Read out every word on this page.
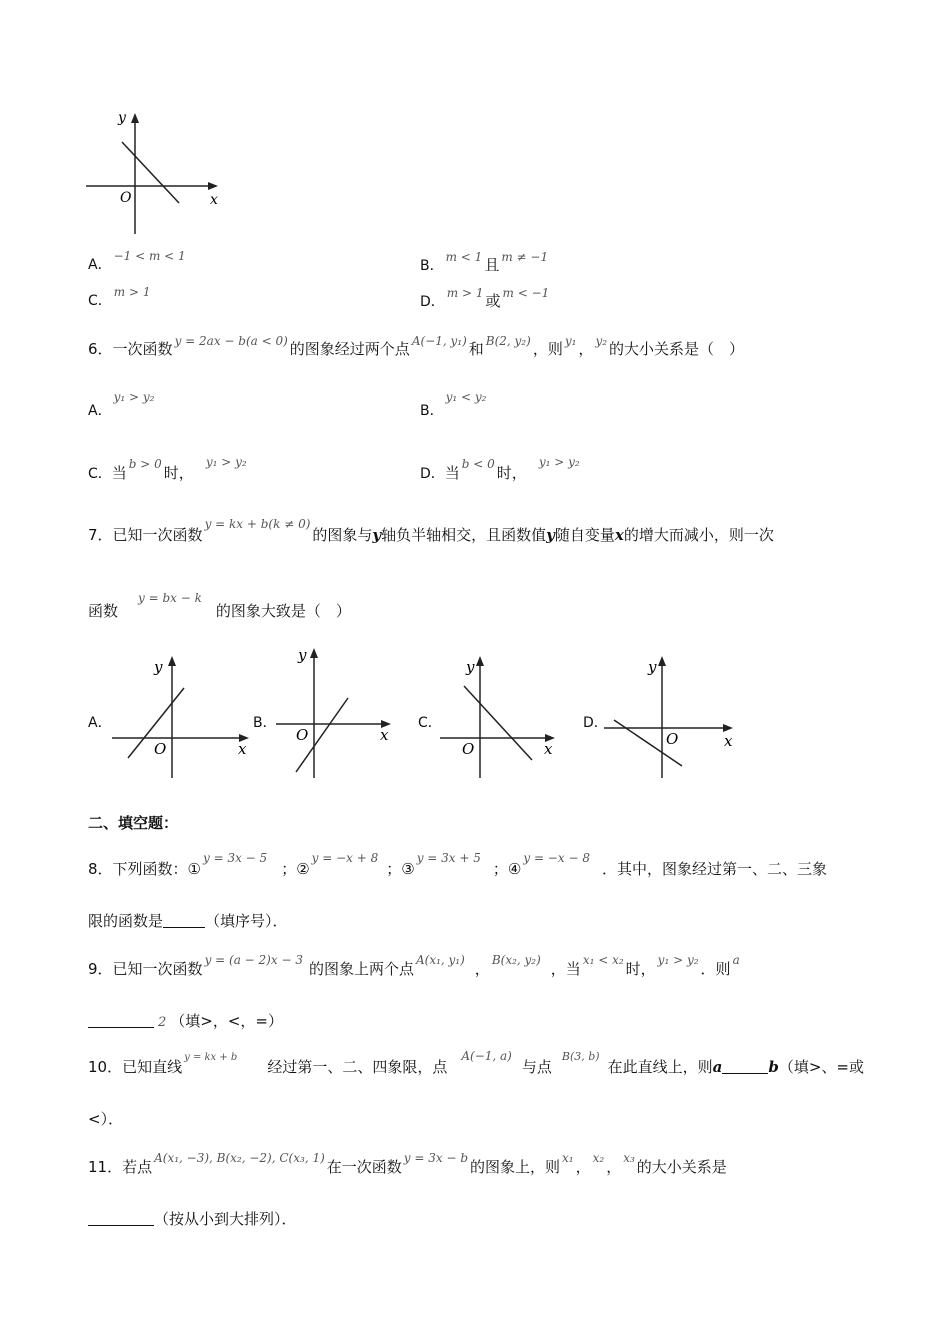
y
x
O
A．$^{-1 < m < 1}$
B．$^{m < 1}$ 且 $^{m \ne -1}$
C．$^{m > 1}$
D．$^{m > 1}$ 或 $^{m < -1}$
6．一次函数 $^{y = 2ax - b(a < 0)}$ 的图象经过两个点 $^{A(-1, y_1)}$ 和 $^{B(2, y_2)}$ ，则 $^{y_1}$ ， $^{y_2}$ 的大小关系是（　）
A．$^{y_1 > y_2}$
B．$^{y_1 < y_2}$
C．当 $^{b > 0}$ 时，$^{y_1 > y_2}$
D．当 $^{b < 0}$ 时，$^{y_1 > y_2}$
7．已知一次函数$^{y = kx + b(k \ne 0)}$的图象与y轴负半轴相交，且函数值y随自变量x的增大而减小，则一次
函数$^{y = bx - k}$的图象大致是（　）
A．
y
x
O
B．
y
x
O
C．
y
x
O
D．
y
x
O
二、填空题：
8．下列函数：①$^{y = 3x - 5}$；②$^{y = -x + 8}$；③$^{y = 3x + 5}$；④$^{y = -x - 8}$．其中，图象经过第一、二、三象
限的函数是	（填序号）．
9．已知一次函数 $^{y = (a - 2)x - 3}$ 的图象上两个点 $^{A(x_1, y_1)}$ ， $^{B(x_2, y_2)}$ ，当 $^{x_1 < x_2}$ 时， $^{y_1 > y_2}$ ．则 $^a$
2 （填>，<，=）
10．已知直线$^{y = kx + b}$经过第一、二、四象限，点$^{A(-1, a)}$与点$^{B(3, b)}$在此直线上，则a	b（填>、=或
<）．
11．若点 $^{A(x_1, -3), B(x_2, -2), C(x_3, 1)}$ 在一次函数 $^{y = 3x - b}$ 的图象上，则 $^{x_1}$ ， $^{x_2}$ ， $^{x_3}$ 的大小关系是
（按从小到大排列）．
